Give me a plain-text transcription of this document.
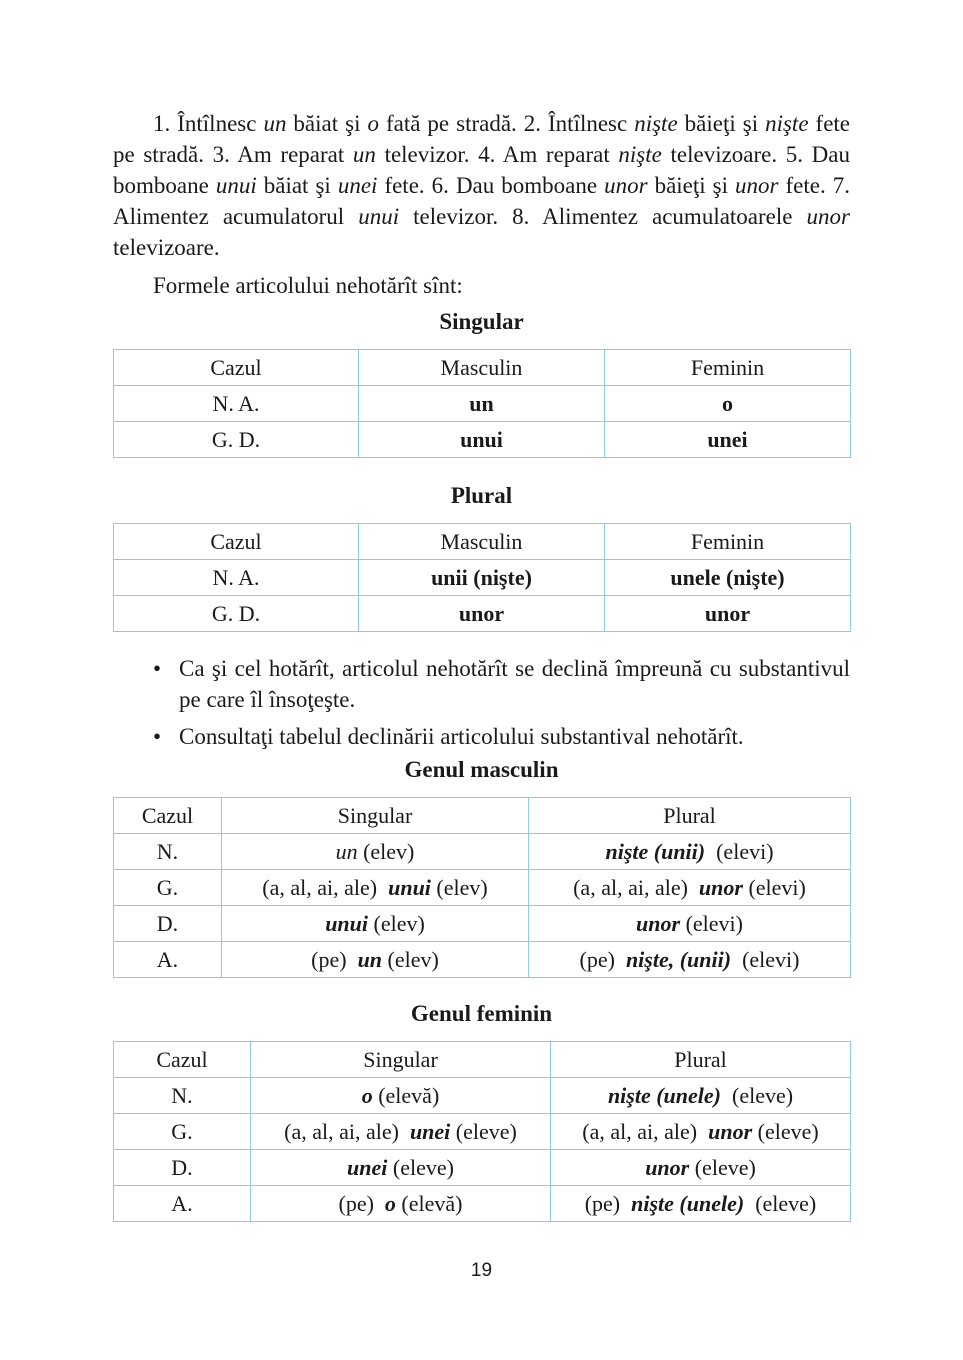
1. Întîlnesc un băiat şi o fată pe stradă. 2. Întîlnesc nişte băieţi şi nişte fete pe stradă. 3. Am reparat un televizor. 4. Am reparat nişte televizoare. 5. Dau bomboane unui băiat şi unei fete. 6. Dau bomboane unor băieţi şi unor fete. 7. Alimentez acumulatorul unui televizor. 8. Alimentez acumulatoarele unor televizoare.

Formele articolului nehotărît sînt:

Singular
Cazul	Masculin	Feminin
N. A.	un	o
G. D.	unui	unei
Plural
Cazul	Masculin	Feminin
N. A.	unii (nişte)	unele (nişte)
G. D.	unor	unor
• Ca şi cel hotărît, articolul nehotărît se declină împreună cu substantivul pe care îl însoţeşte.
• Consultaţi tabelul declinării articolului substantival nehotărît.
Genul masculin
Cazul	Singular	Plural
N.	un (elev)	nişte (unii)  (elevi)
G.	(a, al, ai, ale)  unui (elev)	(a, al, ai, ale)  unor (elevi)
D.	unui (elev)	unor (elevi)
A.	(pe)  un (elev)	(pe)  nişte, (unii)  (elevi)
Genul feminin
Cazul	Singular	Plural
N.	o (elevă)	nişte (unele)  (eleve)
G.	(a, al, ai, ale)  unei (eleve)	(a, al, ai, ale)  unor (eleve)
D.	unei (eleve)	unor (eleve)
A.	(pe)  o (elevă)	(pe)  nişte (unele)  (eleve)
19
